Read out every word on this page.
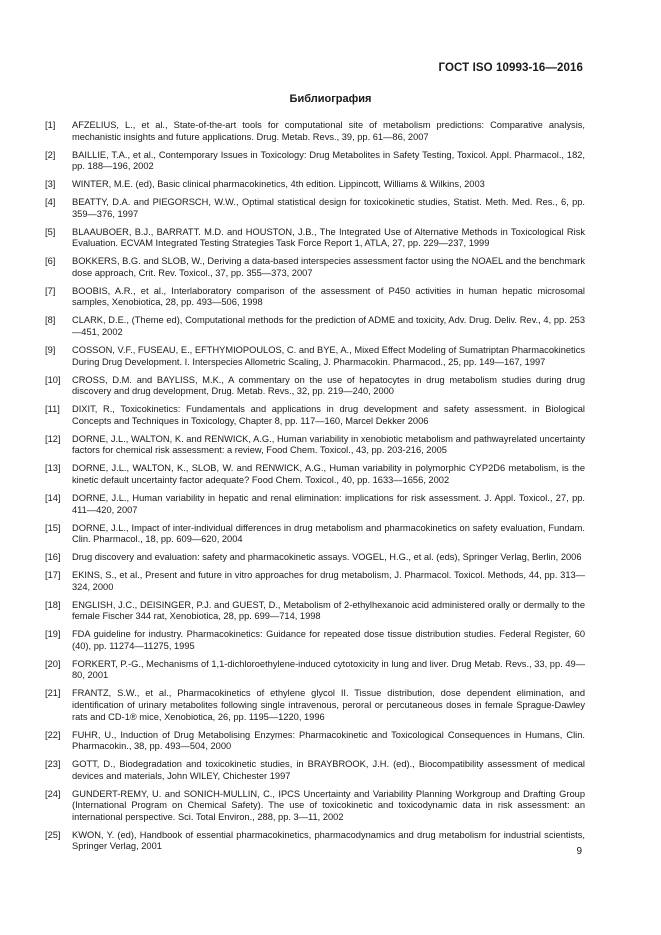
ГОСТ ISO 10993-16—2016
Библиография
[1]	AFZELIUS, L., et al., State-of-the-art tools for computational site of metabolism predictions: Comparative analysis, mechanistic insights and future applications. Drug. Metab. Revs., 39, pp. 61—86, 2007
[2]	BAILLIE, T.A., et al., Contemporary Issues in Toxicology: Drug Metabolites in Safety Testing, Toxicol. Appl. Pharmacol., 182, pp. 188—196, 2002
[3]	WINTER, M.E. (ed), Basic clinical pharmacokinetics, 4th edition. Lippincott, Williams & Wilkins, 2003
[4]	BEATTY, D.A. and PIEGORSCH, W.W., Optimal statistical design for toxicokinetic studies, Statist. Meth. Med. Res., 6, pp. 359—376, 1997
[5]	BLAAUBOER, B.J., BARRATT. M.D. and HOUSTON, J.B., The Integrated Use of Alternative Methods in Toxicological Risk Evaluation. ECVAM Integrated Testing Strategies Task Force Report 1, ATLA, 27, pp. 229—237, 1999
[6]	BOKKERS, B.G. and SLOB, W., Deriving a data-based interspecies assessment factor using the NOAEL and the benchmark dose approach, Crit. Rev. Toxicol., 37, pp. 355—373, 2007
[7]	BOOBIS, A.R., et al., Interlaboratory comparison of the assessment of P450 activities in human hepatic microsomal samples, Xenobiotica, 28, pp. 493—506, 1998
[8]	CLARK, D.E., (Theme ed), Computational methods for the prediction of ADME and toxicity, Adv. Drug. Deliv. Rev., 4, pp. 253—451, 2002
[9]	COSSON, V.F., FUSEAU, E., EFTHYMIOPOULOS, C. and BYE, A., Mixed Effect Modeling of Sumatriptan Pharmacokinetics During Drug Development. I. Interspecies Allometric Scaling, J. Pharmacokin. Pharmacod., 25, pp. 149—167, 1997
[10]	CROSS, D.M. and BAYLISS, M.K., A commentary on the use of hepatocytes in drug metabolism studies during drug discovery and drug development, Drug. Metab. Revs., 32, pp. 219—240, 2000
[11]	DIXIT, R., Toxicokinetics: Fundamentals and applications in drug development and safety assessment. in Biological Concepts and Techniques in Toxicology, Chapter 8, pp. 117—160, Marcel Dekker 2006
[12]	DORNE, J.L., WALTON, K. and RENWICK, A.G., Human variability in xenobiotic metabolism and pathwayrelated uncertainty factors for chemical risk assessment: a review, Food Chem. Toxicol., 43, pp. 203-216, 2005
[13]	DORNE, J.L., WALTON, K., SLOB, W. and RENWICK, A.G., Human variability in polymorphic CYP2D6 metabolism, is the kinetic default uncertainty factor adequate? Food Chem. Toxicol., 40, pp. 1633—1656, 2002
[14]	DORNE, J.L., Human variability in hepatic and renal elimination: implications for risk assessment. J. Appl. Toxicol., 27, pp. 411—420, 2007
[15]	DORNE, J.L., Impact of inter-individual differences in drug metabolism and pharmacokinetics on safety evaluation, Fundam. Clin. Pharmacol., 18, pp. 609—620, 2004
[16]	Drug discovery and evaluation: safety and pharmacokinetic assays. VOGEL, H.G., et al. (eds), Springer Verlag, Berlin, 2006
[17]	EKINS, S., et al., Present and future in vitro approaches for drug metabolism, J. Pharmacol. Toxicol. Methods, 44, pp. 313—324, 2000
[18]	ENGLISH, J.C., DEISINGER, P.J. and GUEST, D., Metabolism of 2-ethylhexanoic acid administered orally or dermally to the female Fischer 344 rat, Xenobiotica, 28, pp. 699—714, 1998
[19]	FDA guideline for industry. Pharmacokinetics: Guidance for repeated dose tissue distribution studies. Federal Register, 60 (40), pp. 11274—11275, 1995
[20]	FORKERT, P.-G., Mechanisms of 1,1-dichloroethylene-induced cytotoxicity in lung and liver. Drug Metab. Revs., 33, pp. 49—80, 2001
[21]	FRANTZ, S.W., et al., Pharmacokinetics of ethylene glycol II. Tissue distribution, dose dependent elimination, and identification of urinary metabolites following single intravenous, peroral or percutaneous doses in female Sprague-Dawley rats and CD-1® mice, Xenobiotica, 26, pp. 1195—1220, 1996
[22]	FUHR, U., Induction of Drug Metabolising Enzymes: Pharmacokinetic and Toxicological Consequences in Humans, Clin. Pharmacokin., 38, pp. 493—504, 2000
[23]	GOTT, D., Biodegradation and toxicokinetic studies, in BRAYBROOK, J.H. (ed)., Biocompatibility assessment of medical devices and materials, John WILEY, Chichester 1997
[24]	GUNDERT-REMY, U. and SONICH-MULLIN, C., IPCS Uncertainty and Variability Planning Workgroup and Drafting Group (International Program on Chemical Safety). The use of toxicokinetic and toxicodynamic data in risk assessment: an international perspective. Sci. Total Environ., 288, pp. 3—11, 2002
[25]	KWON, Y. (ed), Handbook of essential pharmacokinetics, pharmacodynamics and drug metabolism for industrial scientists, Springer Verlag, 2001	9
